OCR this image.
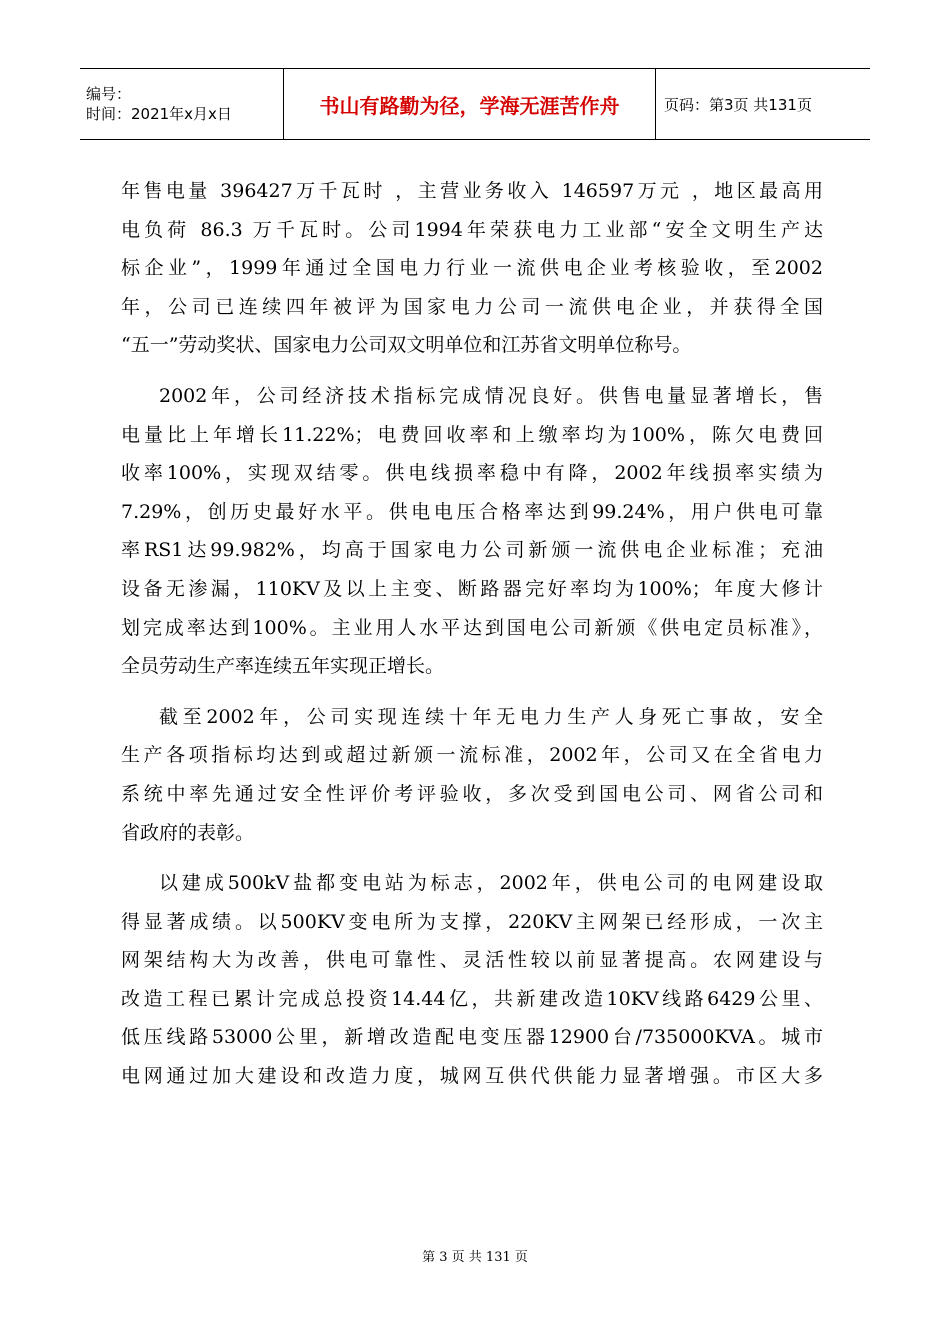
编号：
时间：2021年x月x日	书山有路勤为径，学海无涯苦作舟	页码：第3页 共131页

年售电量 396427万千瓦时 ，主营业务收入 146597万元 ，地区最高用
电负荷 86.3 万千瓦时。公司1994年荣获电力工业部“安全文明生产达
标企业”，1999年通过全国电力行业一流供电企业考核验收，至2002
年，公司已连续四年被评为国家电力公司一流供电企业，并获得全国
“五一”劳动奖状、国家电力公司双文明单位和江苏省文明单位称号。

2002年，公司经济技术指标完成情况良好。供售电量显著增长，售
电量比上年增长11.22%；电费回收率和上缴率均为100%，陈欠电费回
收率100%，实现双结零。供电线损率稳中有降，2002年线损率实绩为
7.29%，创历史最好水平。供电电压合格率达到99.24%，用户供电可靠
率RS1达99.982%，均高于国家电力公司新颁一流供电企业标准；充油
设备无渗漏，110KV及以上主变、断路器完好率均为100%；年度大修计
划完成率达到100%。主业用人水平达到国电公司新颁《供电定员标准》，
全员劳动生产率连续五年实现正增长。

截至2002年，公司实现连续十年无电力生产人身死亡事故，安全
生产各项指标均达到或超过新颁一流标准，2002年，公司又在全省电力
系统中率先通过安全性评价考评验收，多次受到国电公司、网省公司和
省政府的表彰。

以建成500kV盐都变电站为标志，2002年，供电公司的电网建设取
得显著成绩。以500KV变电所为支撑，220KV主网架已经形成，一次主
网架结构大为改善，供电可靠性、灵活性较以前显著提高。农网建设与
改造工程已累计完成总投资14.44亿，共新建改造10KV线路6429公里、
低压线路53000公里，新增改造配电变压器12900台/735000KVA。城市
电网通过加大建设和改造力度，城网互供代供能力显著增强。市区大多

第 3 页 共 131 页
